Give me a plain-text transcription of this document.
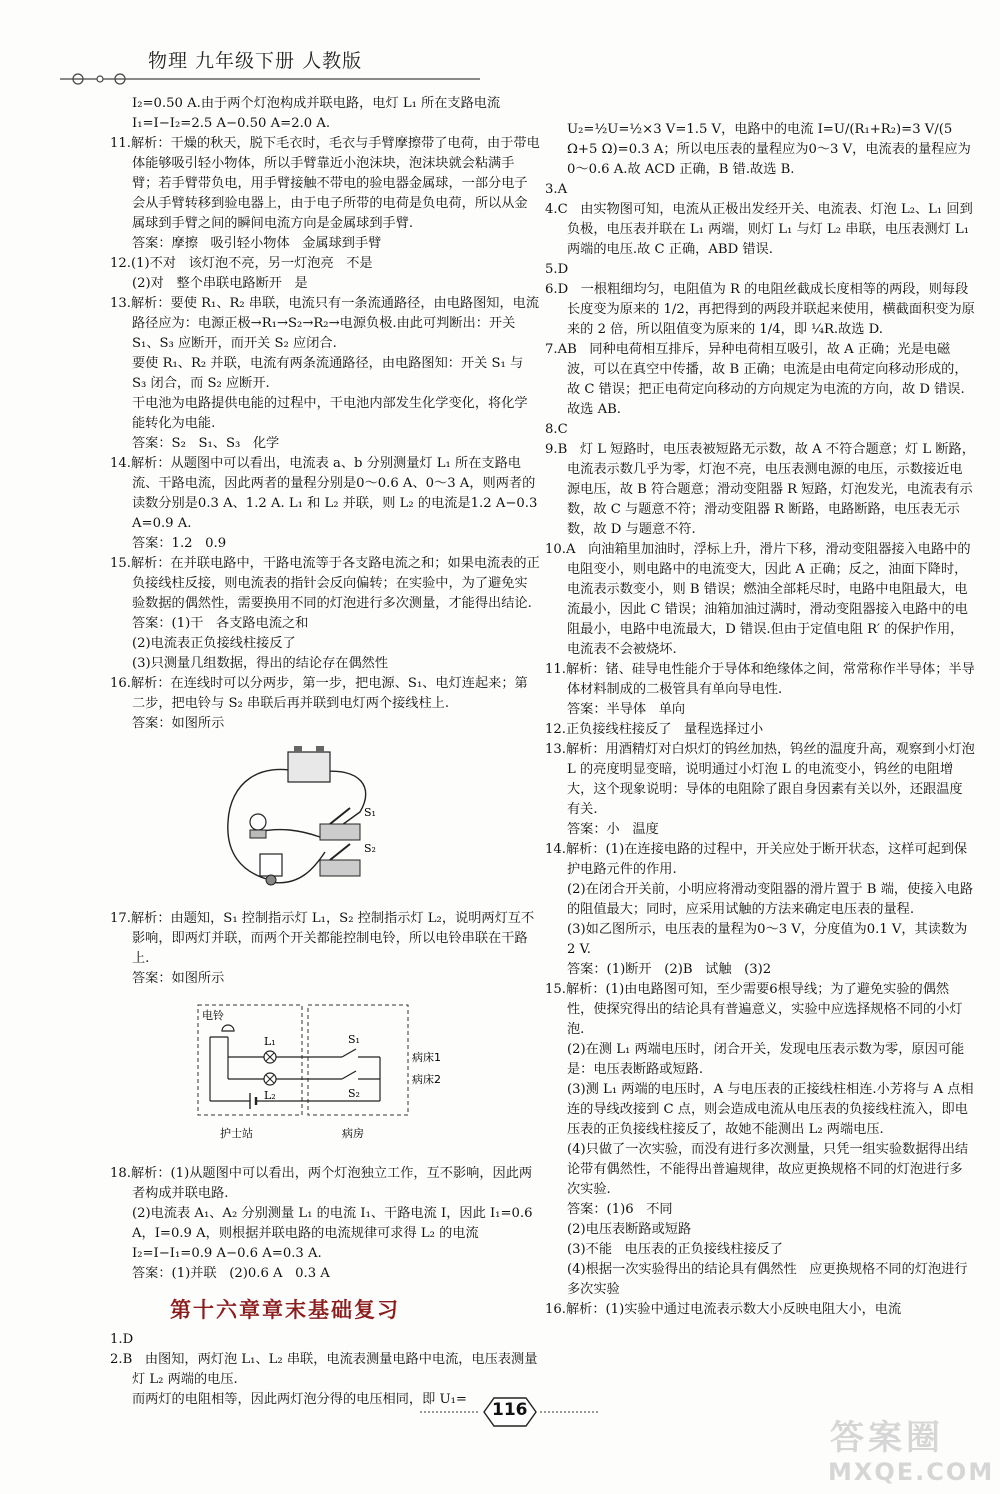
物理 九年级下册 人教版

I₂=0.50 A.由于两个灯泡构成并联电路，电灯 L₁ 所在支路电流 I₁=I−I₂=2.5 A−0.50 A=2.0 A.

11.解析：干燥的秋天，脱下毛衣时，毛衣与手臂摩擦带了电荷，由于带电体能够吸引轻小物体，所以手臂靠近小泡沫块，泡沫块就会粘满手臂；若手臂带负电，用手臂接触不带电的验电器金属球，一部分电子会从手臂转移到验电器上，由于电子所带的电荷是负电荷，所以从金属球到手臂之间的瞬间电流方向是金属球到手臂.

答案：摩擦   吸引轻小物体   金属球到手臂

12.(1)不对   该灯泡不亮，另一灯泡亮   不是

(2)对   整个串联电路断开   是

13.解析：要使 R₁、R₂ 串联，电流只有一条流通路径，由电路图知，电流路径应为：电源正极→R₁→S₂→R₂→电源负极.由此可判断出：开关 S₁、S₃ 应断开，而开关 S₂ 应闭合.

要使 R₁、R₂ 并联，电流有两条流通路径，由电路图知：开关 S₁ 与 S₃ 闭合，而 S₂ 应断开.

干电池为电路提供电能的过程中，干电池内部发生化学变化，将化学能转化为电能.

答案：S₂   S₁、S₃   化学

14.解析：从题图中可以看出，电流表 a、b 分别测量灯 L₁ 所在支路电流、干路电流，因此两者的量程分别是0～0.6 A、0～3 A，则两者的读数分别是0.3 A、1.2 A. L₁ 和 L₂ 并联，则 L₂ 的电流是1.2 A−0.3 A=0.9 A.

答案：1.2   0.9

15.解析：在并联电路中，干路电流等于各支路电流之和；如果电流表的正负接线柱反接，则电流表的指针会反向偏转；在实验中，为了避免实验数据的偶然性，需要换用不同的灯泡进行多次测量，才能得出结论.

答案：(1)干   各支路电流之和

(2)电流表正负接线柱接反了

(3)只测量几组数据，得出的结论存在偶然性

16.解析：在连线时可以分两步，第一步，把电源、S₁、电灯连起来；第二步，把电铃与 S₂ 串联后再并联到电灯两个接线柱上.

答案：如图所示

S₁
S₂

17.解析：由题知，S₁ 控制指示灯 L₁，S₂ 控制指示灯 L₂，说明两灯互不影响，即两灯并联，而两个开关都能控制电铃，所以电铃串联在干路上.

答案：如图所示

电铃
L₁
L₂
S₁
S₂
病床1
病床2
护士站	病房

18.解析：(1)从题图中可以看出，两个灯泡独立工作，互不影响，因此两者构成并联电路.

(2)电流表 A₁、A₂ 分别测量 L₁ 的电流 I₁、干路电流 I，因此 I₁=0.6 A，I=0.9 A，则根据并联电路的电流规律可求得 L₂ 的电流 I₂=I−I₁=0.9 A−0.6 A=0.3 A.

答案：(1)并联   (2)0.6 A   0.3 A

第十六章章末基础复习

1.D

2.B   由图知，两灯泡 L₁、L₂ 串联，电流表测量电路中电流，电压表测量灯 L₂ 两端的电压.

而两灯的电阻相等，因此两灯泡分得的电压相同，即 U₁=

U₂=½U=½×3 V=1.5 V，电路中的电流 I=U/(R₁+R₂)=3 V/(5 Ω+5 Ω)=0.3 A；所以电压表的量程应为0～3 V，电流表的量程应为0～0.6 A.故 ACD 正确，B 错.故选 B.

3.A

4.C   由实物图可知，电流从正极出发经开关、电流表、灯泡 L₂、L₁ 回到负极，电压表并联在 L₁ 两端，则灯 L₁ 与灯 L₂ 串联，电压表测灯 L₁ 两端的电压.故 C 正确，ABD 错误.

5.D

6.D   一根粗细均匀，电阻值为 R 的电阻丝截成长度相等的两段，则每段长度变为原来的 1/2，再把得到的两段并联起来使用，横截面积变为原来的 2 倍，所以阻值变为原来的 1/4，即 ¼R.故选 D.

7.AB   同种电荷相互排斥，异种电荷相互吸引，故 A 正确；光是电磁波，可以在真空中传播，故 B 正确；电流是由电荷定向移动形成的，故 C 错误；把正电荷定向移动的方向规定为电流的方向，故 D 错误.故选 AB.

8.C

9.B   灯 L 短路时，电压表被短路无示数，故 A 不符合题意；灯 L 断路，电流表示数几乎为零，灯泡不亮，电压表测电源的电压，示数接近电源电压，故 B 符合题意；滑动变阻器 R 短路，灯泡发光，电流表有示数，故 C 与题意不符；滑动变阻器 R 断路，电路断路，电压表无示数，故 D 与题意不符.

10.A   向油箱里加油时，浮标上升，滑片下移，滑动变阻器接入电路中的电阻变小，则电路中的电流变大，因此 A 正确；反之，油面下降时，电流表示数变小，则 B 错误；燃油全部耗尽时，电路中电阻最大，电流最小，因此 C 错误；油箱加油过满时，滑动变阻器接入电路中的电阻最小，电路中电流最大，D 错误.但由于定值电阻 R′ 的保护作用，电流表不会被烧坏.

11.解析：锗、硅导电性能介于导体和绝缘体之间，常常称作半导体；半导体材料制成的二极管具有单向导电性.

答案：半导体   单向

12.正负接线柱接反了   量程选择过小

13.解析：用酒精灯对白炽灯的钨丝加热，钨丝的温度升高，观察到小灯泡 L 的亮度明显变暗，说明通过小灯泡 L 的电流变小，钨丝的电阻增大，这个现象说明：导体的电阻除了跟自身因素有关以外，还跟温度有关.

答案：小   温度

14.解析：(1)在连接电路的过程中，开关应处于断开状态，这样可起到保护电路元件的作用.

(2)在闭合开关前，小明应将滑动变阻器的滑片置于 B 端，使接入电路的阻值最大；同时，应采用试触的方法来确定电压表的量程.

(3)如乙图所示，电压表的量程为0～3 V，分度值为0.1 V，其读数为2 V.

答案：(1)断开   (2)B   试触   (3)2

15.解析：(1)由电路图可知，至少需要6根导线；为了避免实验的偶然性，使探究得出的结论具有普遍意义，实验中应选择规格不同的小灯泡.

(2)在测 L₁ 两端电压时，闭合开关，发现电压表示数为零，原因可能是：电压表断路或短路.

(3)测 L₁ 两端的电压时，A 与电压表的正接线柱相连.小芳将与 A 点相连的导线改接到 C 点，则会造成电流从电压表的负接线柱流入，即电压表的正负接线柱接反了，故她不能测出 L₂ 两端电压.

(4)只做了一次实验，而没有进行多次测量，只凭一组实验数据得出结论带有偶然性，不能得出普遍规律，故应更换规格不同的灯泡进行多次实验.

答案：(1)6   不同

(2)电压表断路或短路

(3)不能   电压表的正负接线柱接反了

(4)根据一次实验得出的结论具有偶然性   应更换规格不同的灯泡进行多次实验

16.解析：(1)实验中通过电流表示数大小反映电阻大小，电流

116
答案圈
MXQE.COM
